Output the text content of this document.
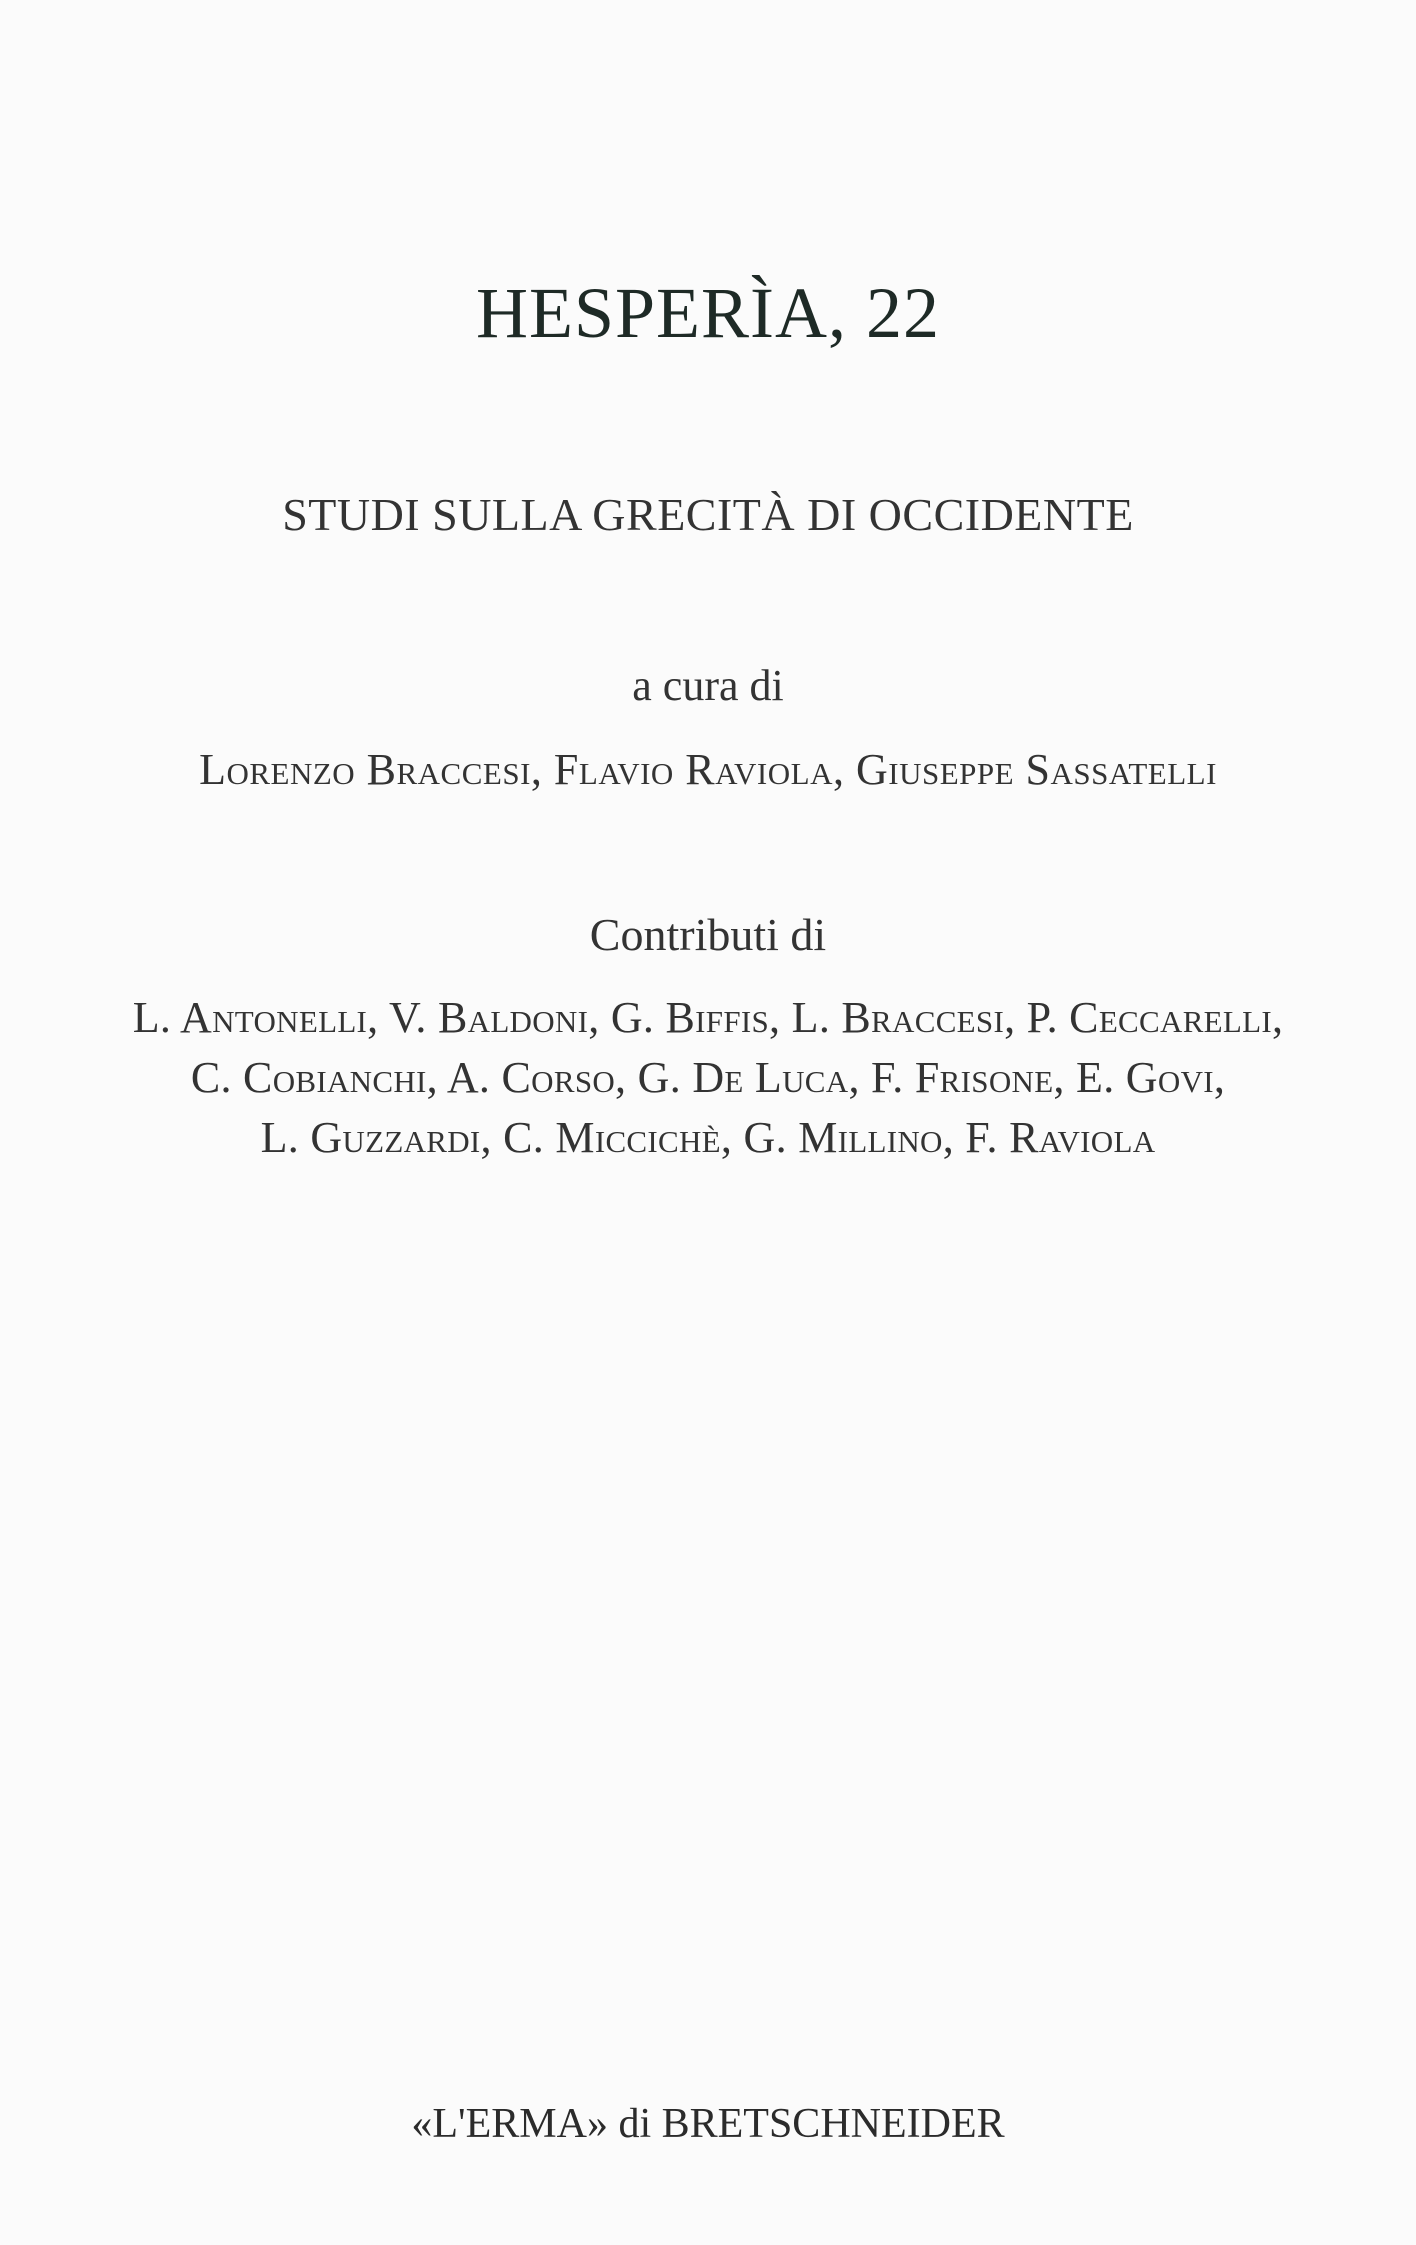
HESPERÌA, 22
STUDI SULLA GRECITÀ DI OCCIDENTE
a cura di
Lorenzo Braccesi, Flavio Raviola, Giuseppe Sassatelli
Contributi di
L. Antonelli, V. Baldoni, G. Biffis, L. Braccesi, P. Ceccarelli,
C. Cobianchi, A. Corso, G. De Luca, F. Frisone, E. Govi,
L. Guzzardi, C. Miccichè, G. Millino, F. Raviola
«L'ERMA» di BRETSCHNEIDER
